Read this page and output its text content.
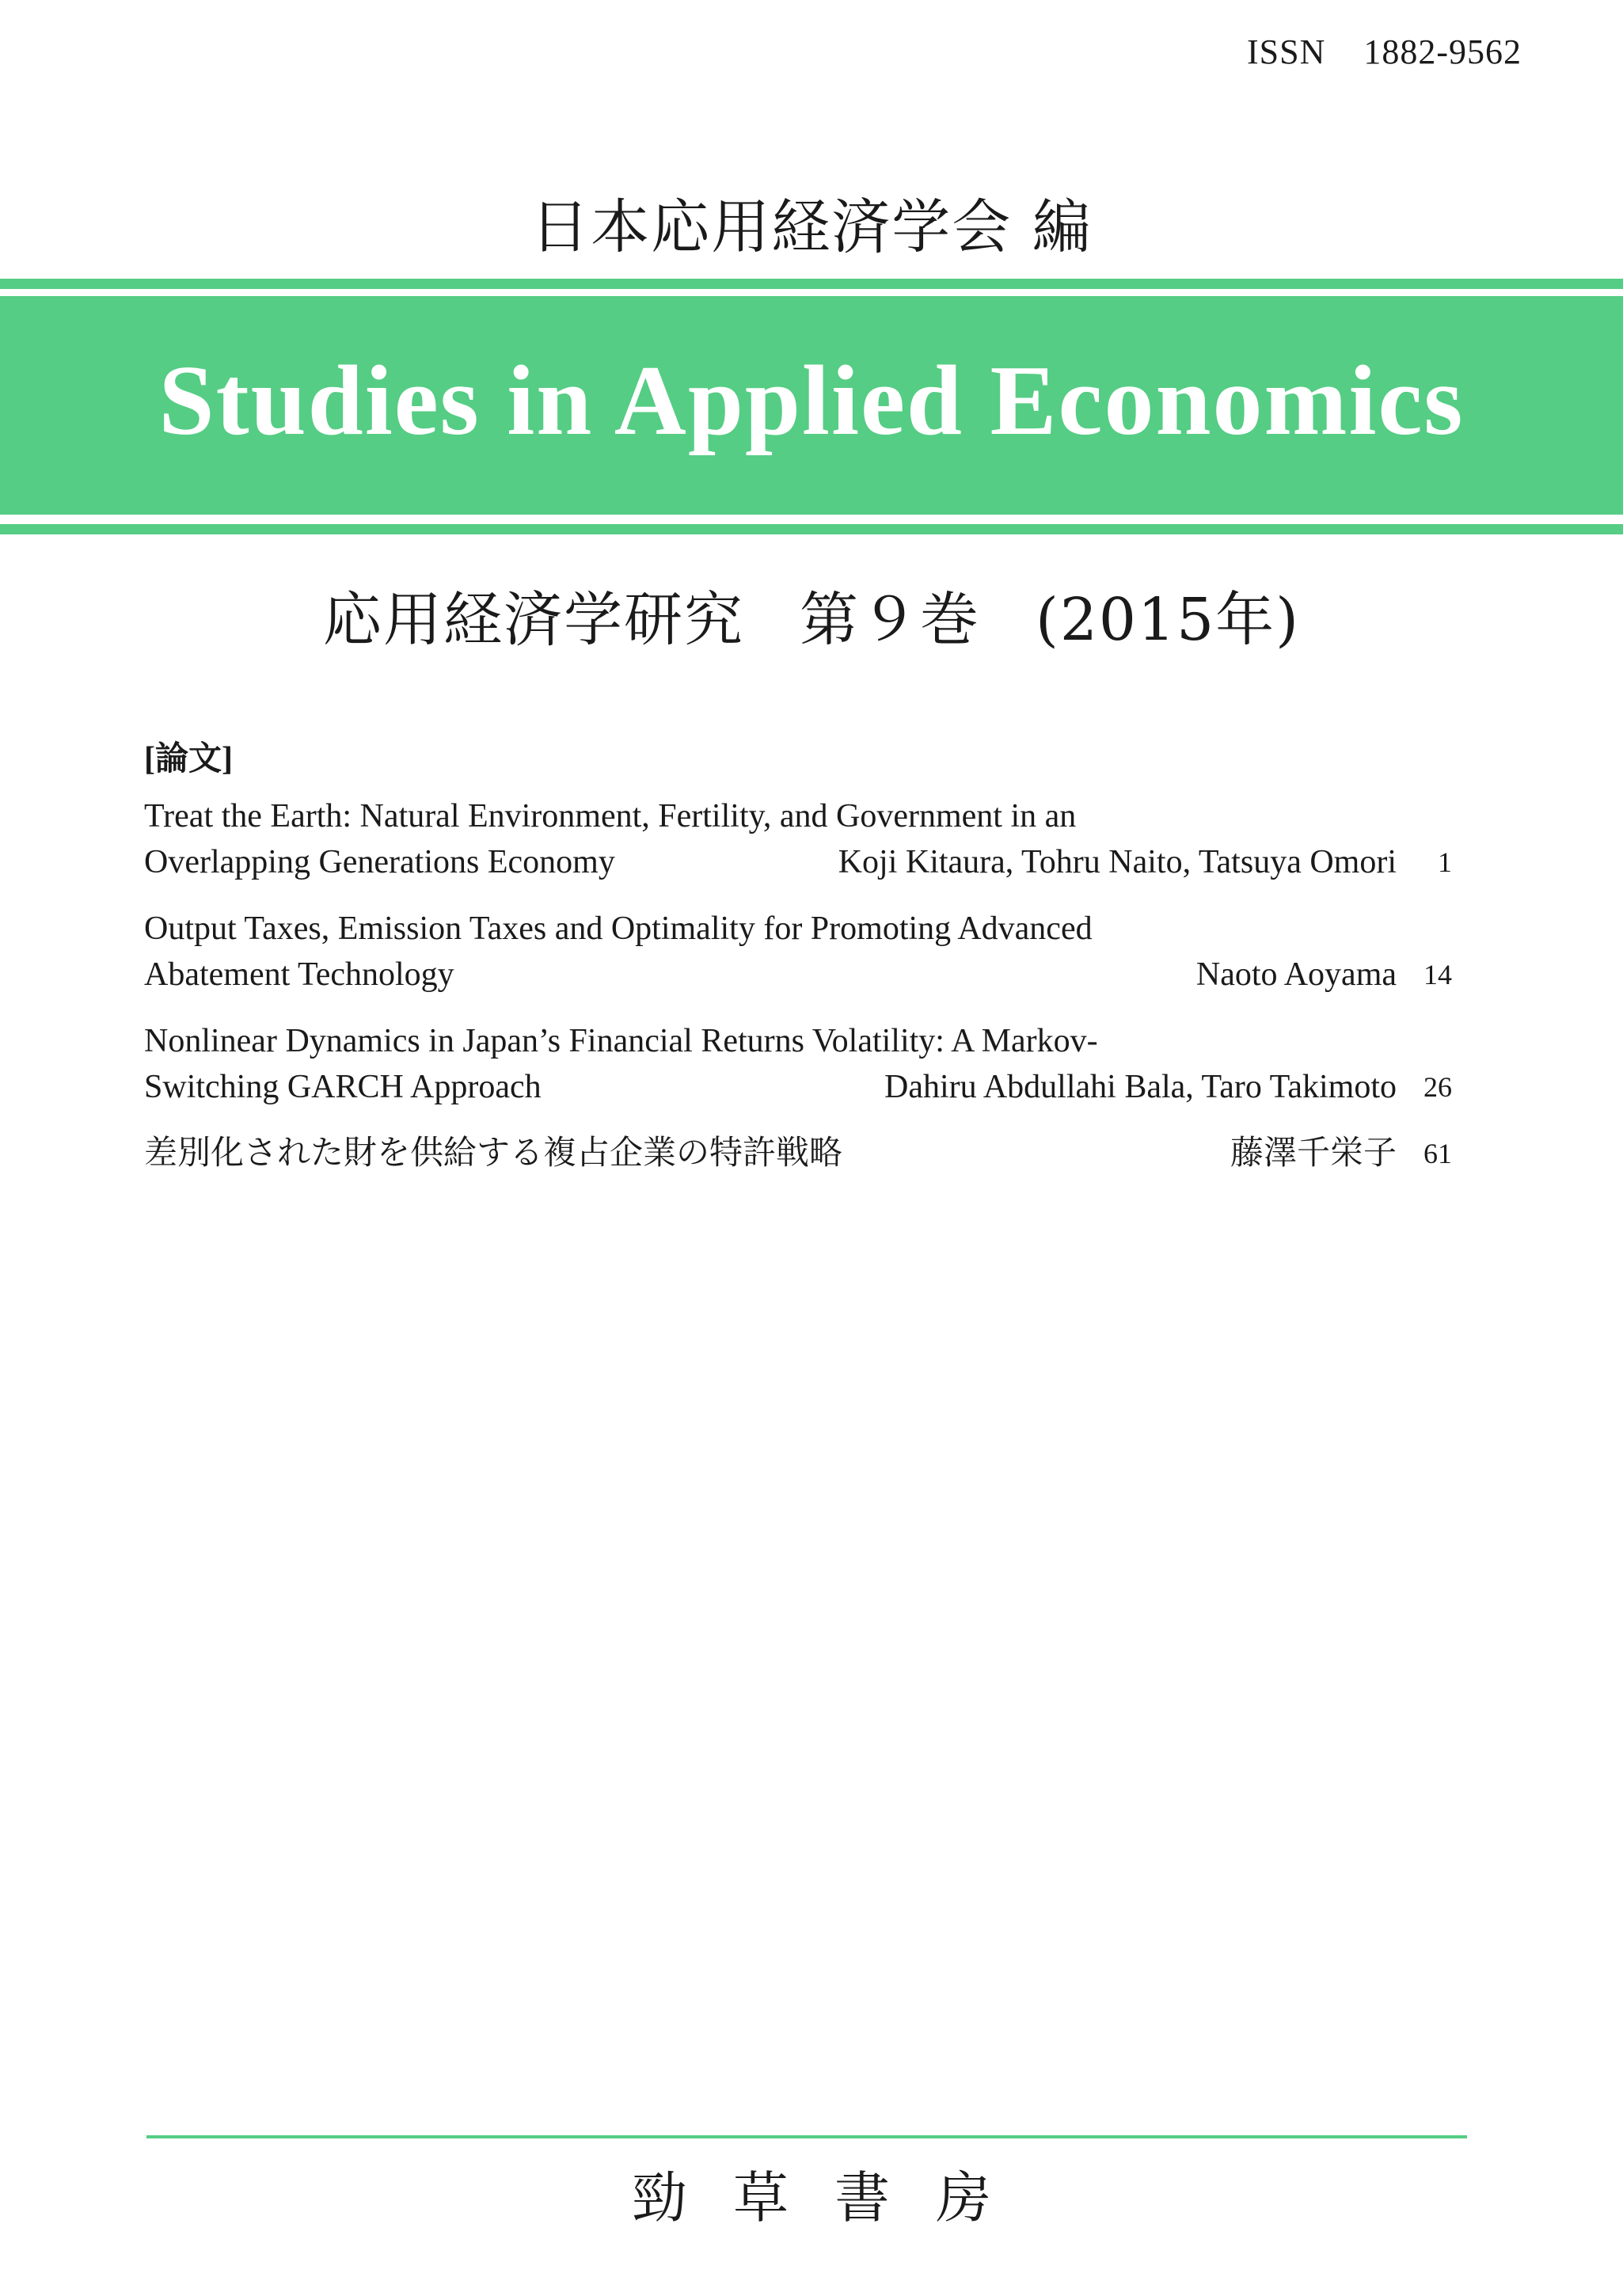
ISSN 1882-9562
日本応用経済学会 編
Studies in Applied Economics
応用経済学研究 第９巻 (2015年)
[論文]
Treat the Earth: Natural Environment, Fertility, and Government in an
Overlapping Generations Economy	Koji Kitaura, Tohru Naito, Tatsuya Omori	1
Output Taxes, Emission Taxes and Optimality for Promoting Advanced
Abatement Technology	Naoto Aoyama 14
Nonlinear Dynamics in Japan’s Financial Returns Volatility: A Markov-
Switching GARCH Approach	Dahiru Abdullahi Bala, Taro Takimoto 26
差別化された財を供給する複占企業の特許戦略	藤澤千栄子 61
勁草書房
